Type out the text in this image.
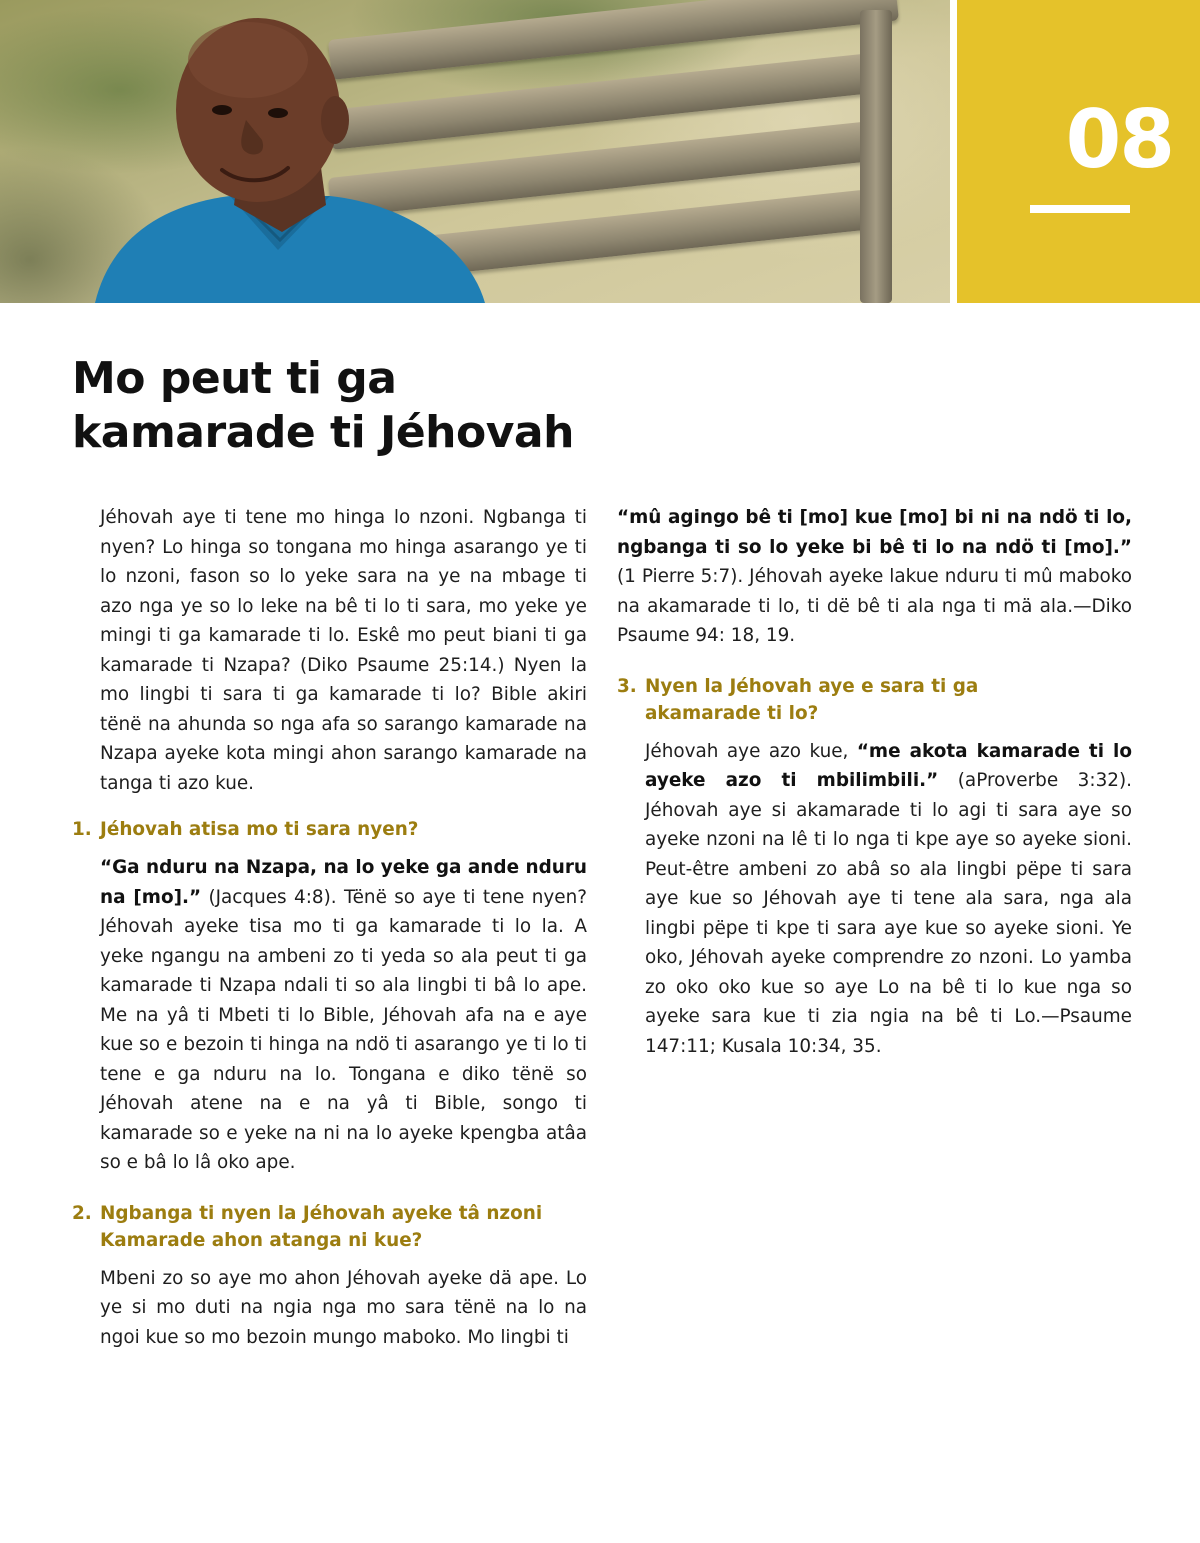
08
Mo peut ti ga
kamarade ti Jéhovah

Jéhovah aye ti tene mo hinga lo nzoni. Ngbanga ti nyen? Lo hinga so tongana mo hinga asarango ye ti lo nzoni, fason so lo yeke sara na ye na mbage ti azo nga ye so lo leke na bê ti lo ti sara, mo yeke ye mingi ti ga kamarade ti lo. Eskê mo peut biani ti ga kamarade ti Nzapa? (Diko Psaume 25:14.) Nyen la mo lingbi ti sara ti ga kamarade ti lo? Bible akiri tënë na ahunda so nga afa so sarango kamarade na Nzapa ayeke kota mingi ahon sarango kamarade na tanga ti azo kue.

1. Jéhovah atisa mo ti sara nyen?

“Ga nduru na Nzapa, na lo yeke ga ande nduru na [mo].” (Jacques 4:8). Tënë so aye ti tene nyen? Jéhovah ayeke tisa mo ti ga kamarade ti lo la. A yeke ngangu na ambeni zo ti yeda so ala peut ti ga kamarade ti Nzapa ndali ti so ala lingbi ti bâ lo ape. Me na yâ ti Mbeti ti lo Bible, Jéhovah afa na e aye kue so e bezoin ti hinga na ndö ti asarango ye ti lo ti tene e ga nduru na lo. Tongana e diko tënë so Jéhovah atene na e na yâ ti Bible, songo ti kamarade so e yeke na ni na lo ayeke kpengba atâa so e bâ lo lâ oko ape.

2. Ngbanga ti nyen la Jéhovah ayeke tâ nzoni
Kamarade ahon atanga ni kue?

Mbeni zo so aye mo ahon Jéhovah ayeke dä ape. Lo ye si mo duti na ngia nga mo sara tënë na lo na ngoi kue so mo bezoin mungo maboko. Mo lingbi ti

“mû agingo bê ti [mo] kue [mo] bi ni na ndö ti lo, ngbanga ti so lo yeke bi bê ti lo na ndö ti [mo].” (1 Pierre 5:7). Jéhovah ayeke lakue nduru ti mû maboko na akamarade ti lo, ti dë bê ti ala nga ti mä ala.—Diko Psaume 94: 18, 19.

3. Nyen la Jéhovah aye e sara ti ga
akamarade ti lo?

Jéhovah aye azo kue, “me akota kamarade ti lo ayeke azo ti mbilimbili.” (aProverbe 3:32). Jéhovah aye si akamarade ti lo agi ti sara aye so ayeke nzoni na lê ti lo nga ti kpe aye so ayeke sioni. Peut-être ambeni zo abâ so ala lingbi pëpe ti sara aye kue so Jéhovah aye ti tene ala sara, nga ala lingbi pëpe ti kpe ti sara aye kue so ayeke sioni. Ye oko, Jéhovah ayeke comprendre zo nzoni. Lo yamba zo oko oko kue so aye Lo na bê ti lo kue nga so ayeke sara kue ti zia ngia na bê ti Lo.—Psaume 147:11; Kusala 10:34, 35.
